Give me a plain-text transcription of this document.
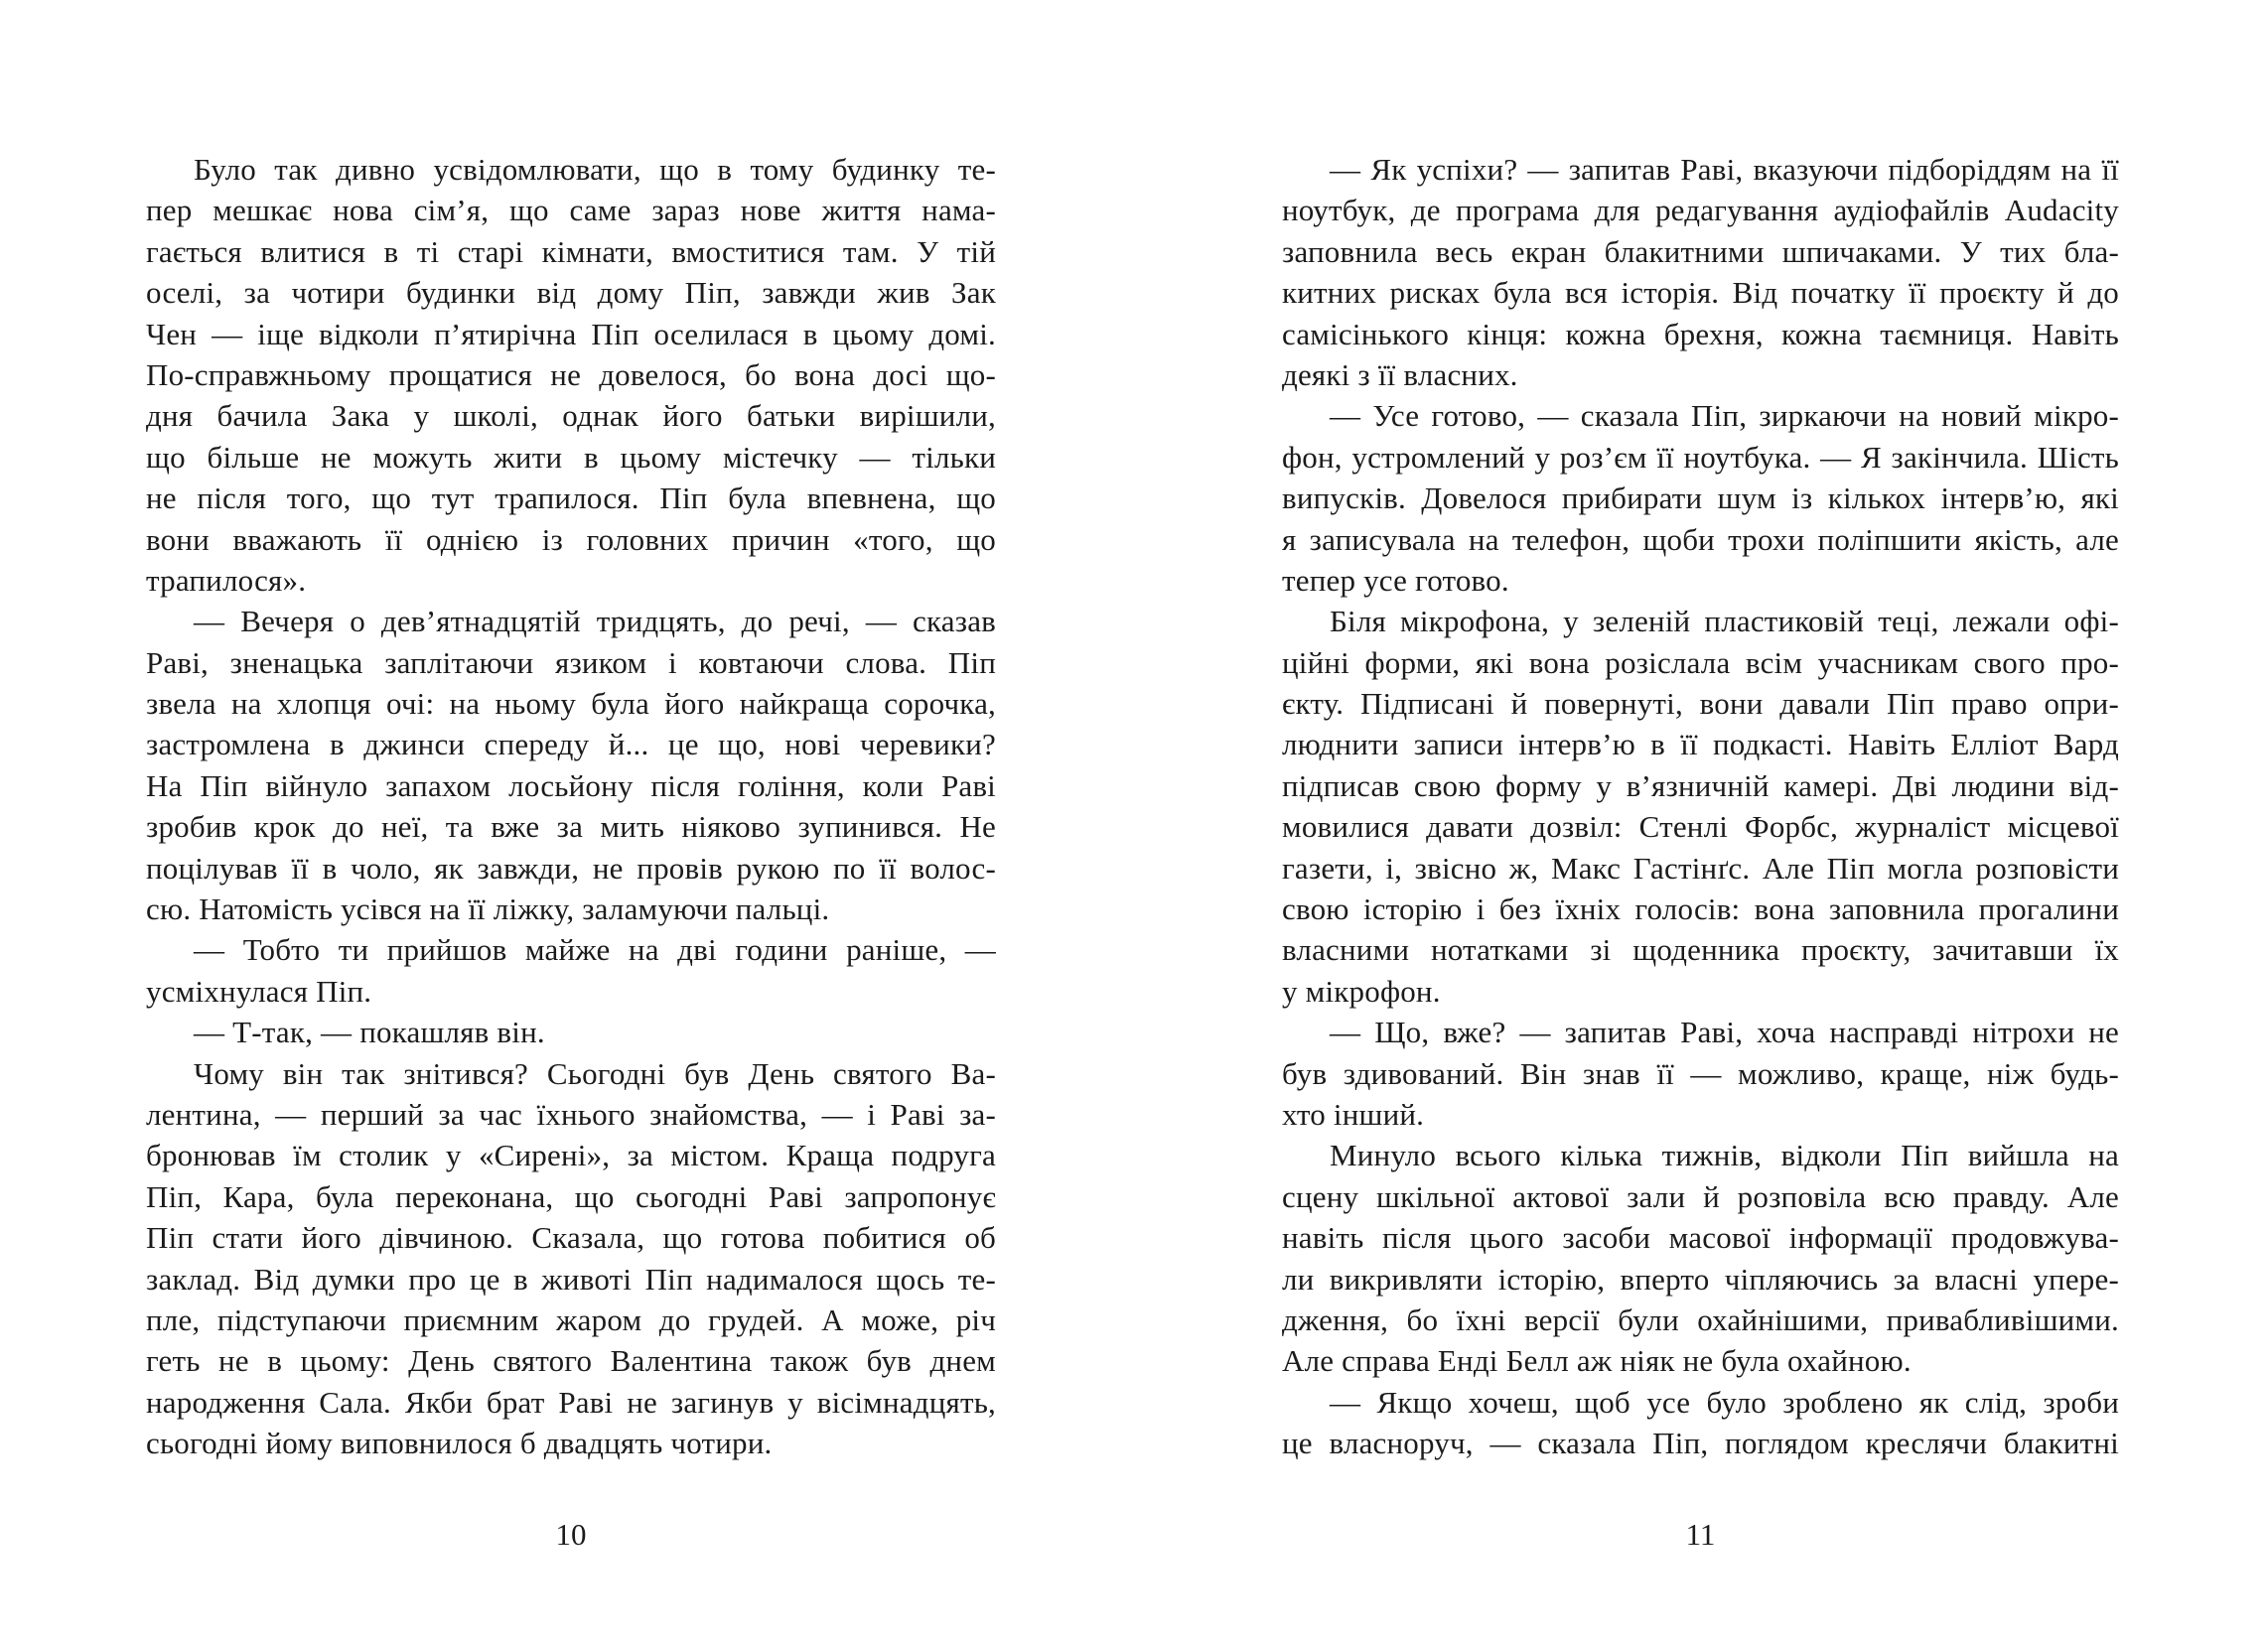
Було так дивно усвідомлювати, що в тому будинку те-
пер мешкає нова сім’я, що саме зараз нове життя нама-
гається влитися в ті старі кімнати, вмоститися там. У тій
оселі, за чотири будинки від дому Піп, завжди жив Зак
Чен — іще відколи п’ятирічна Піп оселилася в цьому домі.
По-справжньому прощатися не довелося, бо вона досі що-
дня бачила Зака у школі, однак його батьки вирішили,
що більше не можуть жити в цьому містечку — тільки
не після того, що тут трапилося. Піп була впевнена, що
вони вважають її однією із головних причин «того, що
трапилося».
— Вечеря о дев’ятнадцятій тридцять, до речі, — сказав
Раві, зненацька заплітаючи язиком і ковтаючи слова. Піп
звела на хлопця очі: на ньому була його найкраща сорочка,
застромлена в джинси спереду й... це що, нові черевики?
На Піп війнуло запахом лосьйону після гоління, коли Раві
зробив крок до неї, та вже за мить ніяково зупинився. Не
поцілував її в чоло, як завжди, не провів рукою по її волос-
сю. Натомість усівся на її ліжку, заламуючи пальці.
— Тобто ти прийшов майже на дві години раніше, —
усміхнулася Піп.
— Т-так, — покашляв він.
Чому він так знітився? Сьогодні був День святого Ва-
лентина, — перший за час їхнього знайомства, — і Раві за-
бронював їм столик у «Сирені», за містом. Краща подруга
Піп, Кара, була переконана, що сьогодні Раві запропонує
Піп стати його дівчиною. Сказала, що готова побитися об
заклад. Від думки про це в животі Піп надималося щось те-
пле, підступаючи приємним жаром до грудей. А може, річ
геть не в цьому: День святого Валентина також був днем
народження Сала. Якби брат Раві не загинув у вісімнадцять,
сьогодні йому виповнилося б двадцять чотири.
10
— Як успіхи? — запитав Раві, вказуючи підборіддям на її
ноутбук, де програма для редагування аудіофайлів Audacity
заповнила весь екран блакитними шпичаками. У тих бла-
китних рисках була вся історія. Від початку її проєкту й до
самісінького кінця: кожна брехня, кожна таємниця. Навіть
деякі з її власних.
— Усе готово, — сказала Піп, зиркаючи на новий мікро-
фон, устромлений у роз’єм її ноутбука. — Я закінчила. Шість
випусків. Довелося прибирати шум із кількох інтерв’ю, які
я записувала на телефон, щоби трохи поліпшити якість, але
тепер усе готово.
Біля мікрофона, у зеленій пластиковій теці, лежали офі-
ційні форми, які вона розіслала всім учасникам свого про-
єкту. Підписані й повернуті, вони давали Піп право опри-
люднити записи інтерв’ю в її подкасті. Навіть Елліот Вард
підписав свою форму у в’язничній камері. Дві людини від-
мовилися давати дозвіл: Стенлі Форбс, журналіст місцевої
газети, і, звісно ж, Макс Гастінґс. Але Піп могла розповісти
свою історію і без їхніх голосів: вона заповнила прогалини
власними нотатками зі щоденника проєкту, зачитавши їх
у мікрофон.
— Що, вже? — запитав Раві, хоча насправді нітрохи не
був здивований. Він знав її — можливо, краще, ніж будь-
хто інший.
Минуло всього кілька тижнів, відколи Піп вийшла на
сцену шкільної актової зали й розповіла всю правду. Але
навіть після цього засоби масової інформації продовжува-
ли викривляти історію, вперто чіпляючись за власні упере-
дження, бо їхні версії були охайнішими, привабливішими.
Але справа Енді Белл аж ніяк не була охайною.
— Якщо хочеш, щоб усе було зроблено як слід, зроби
це власноруч, — сказала Піп, поглядом креслячи блакитні
11
